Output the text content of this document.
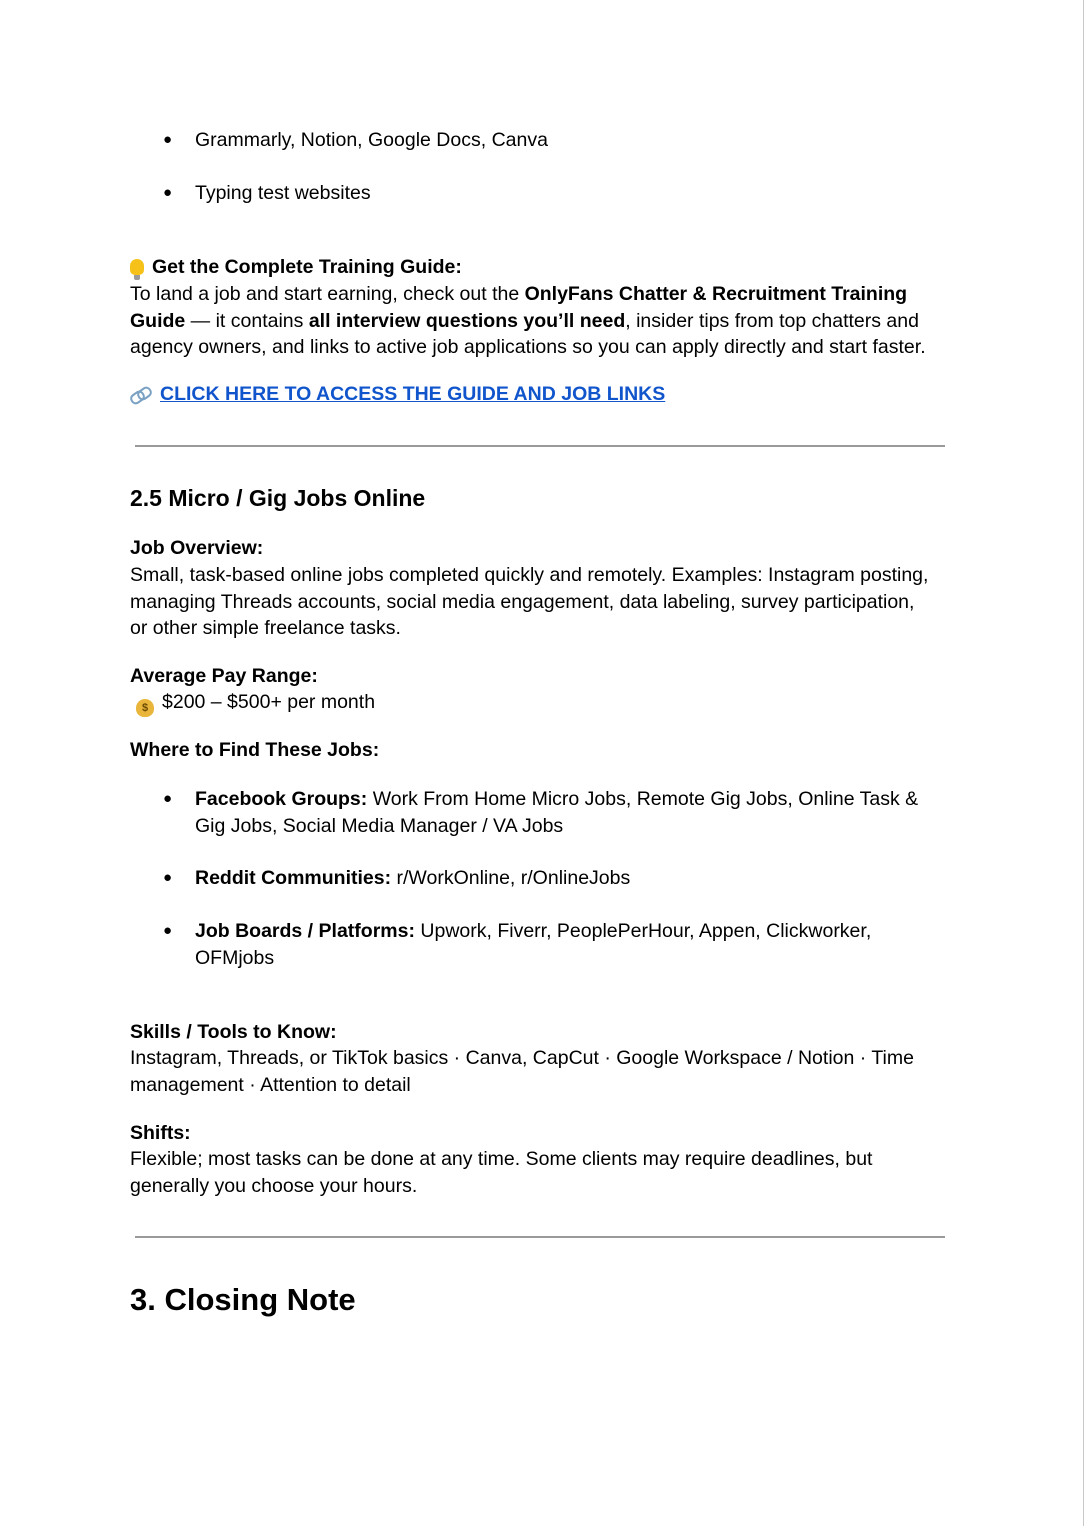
● Grammarly, Notion, Google Docs, Canva
● Typing test websites

Get the Complete Training Guide:

To land a job and start earning, check out the OnlyFans Chatter & Recruitment Training Guide — it contains all interview questions you’ll need, insider tips from top chatters and agency owners, and links to active job applications so you can apply directly and start faster.

CLICK HERE TO ACCESS THE GUIDE AND JOB LINKS

2.5 Micro / Gig Jobs Online

Job Overview:

Small, task-based online jobs completed quickly and remotely. Examples: Instagram posting, managing Threads accounts, social media engagement, data labeling, survey participation, or other simple freelance tasks.

Average Pay Range:

$ $200 – $500+ per month

Where to Find These Jobs:

● Facebook Groups: Work From Home Micro Jobs, Remote Gig Jobs, Online Task & Gig Jobs, Social Media Manager / VA Jobs
● Reddit Communities: r/WorkOnline, r/OnlineJobs
● Job Boards / Platforms: Upwork, Fiverr, PeoplePerHour, Appen, Clickworker, OFMjobs

Skills / Tools to Know:

Instagram, Threads, or TikTok basics · Canva, CapCut · Google Workspace / Notion · Time management · Attention to detail

Shifts:

Flexible; most tasks can be done at any time. Some clients may require deadlines, but generally you choose your hours.

3. Closing Note
